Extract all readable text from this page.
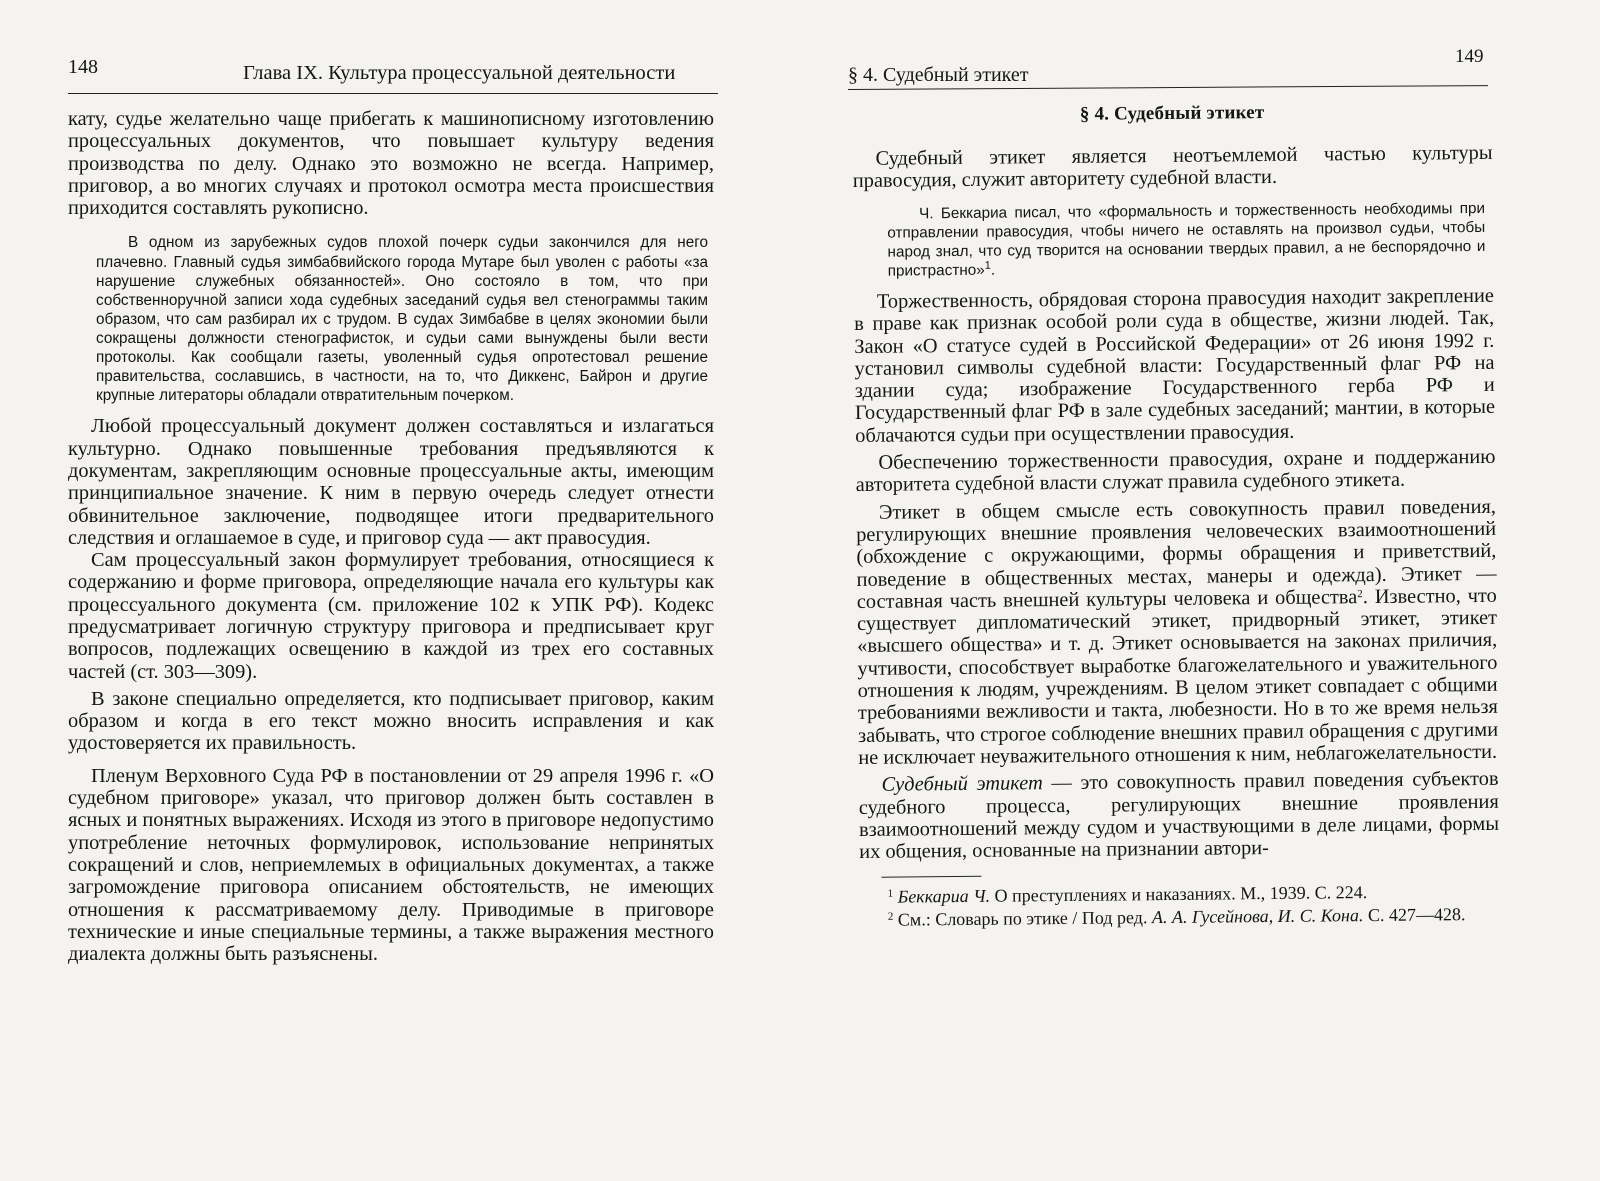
148	Глава IX. Культура процессуальной деятельности

кату, судье желательно чаще прибегать к машинописному изготовлению процессуальных документов, что повышает культуру ведения производства по делу. Однако это возможно не всегда. Например, приговор, а во многих случаях и протокол осмотра места происшествия приходится составлять рукописно.

В одном из зарубежных судов плохой почерк судьи закончился для него плачевно. Главный судья зимбабвийского города Мутаре был уволен с работы «за нарушение служебных обязанностей». Оно состояло в том, что при собственноручной записи хода судебных заседаний судья вел стенограммы таким образом, что сам разбирал их с трудом. В судах Зимбабве в целях экономии были сокращены должности стенографисток, и судьи сами вынуждены были вести протоколы. Как сообщали газеты, уволенный судья опротестовал решение правительства, сославшись, в частности, на то, что Диккенс, Байрон и другие крупные литераторы обладали отвратительным почерком.

Любой процессуальный документ должен составляться и излагаться культурно. Однако повышенные требования предъявляются к документам, закрепляющим основные процессуальные акты, имеющим принципиальное значение. К ним в первую очередь следует отнести обвинительное заключение, подводящее итоги предварительного следствия и оглашаемое в суде, и приговор суда — акт правосудия.

Сам процессуальный закон формулирует требования, относящиеся к содержанию и форме приговора, определяющие начала его культуры как процессуального документа (см. приложение 102 к УПК РФ). Кодекс предусматривает логичную структуру приговора и предписывает круг вопросов, подлежащих освещению в каждой из трех его составных частей (ст. 303—309).

В законе специально определяется, кто подписывает приговор, каким образом и когда в его текст можно вносить исправления и как удостоверяется их правильность.

Пленум Верховного Суда РФ в постановлении от 29 апреля 1996 г. «О судебном приговоре» указал, что приговор должен быть составлен в ясных и понятных выражениях. Исходя из этого в приговоре недопустимо употребление неточных формулировок, использование непринятых сокращений и слов, неприемлемых в официальных документах, а также загромождение приговора описанием обстоятельств, не имеющих отношения к рассматриваемому делу. Приводимые в приговоре технические и иные специальные термины, а также выражения местного диалекта должны быть разъяснены.

§ 4. Судебный этикет
149
§ 4. Судебный этикет

Судебный этикет является неотъемлемой частью культуры правосудия, служит авторитету судебной власти.

Ч. Беккариа писал, что «формальность и торжественность необходимы при отправлении правосудия, чтобы ничего не оставлять на произвол судьи, чтобы народ знал, что суд творится на основании твердых правил, а не беспорядочно и пристрастно»$^1$.

Торжественность, обрядовая сторона правосудия находит закрепление в праве как признак особой роли суда в обществе, жизни людей. Так, Закон «О статусе судей в Российской Федерации» от 26 июня 1992 г. установил символы судебной власти: Государственный флаг РФ на здании суда; изображение Государственного герба РФ и Государственный флаг РФ в зале судебных заседаний; мантии, в которые облачаются судьи при осуществлении правосудия.

Обеспечению торжественности правосудия, охране и поддержанию авторитета судебной власти служат правила судебного этикета.

Этикет в общем смысле есть совокупность правил поведения, регулирующих внешние проявления человеческих взаимоотношений (обхождение с окружающими, формы обращения и приветствий, поведение в общественных местах, манеры и одежда). Этикет — составная часть внешней культуры человека и общества$^2$. Известно, что существует дипломатический этикет, придворный этикет, этикет «высшего общества» и т. д. Этикет основывается на законах приличия, учтивости, способствует выработке благожелательного и уважительного отношения к людям, учреждениям. В целом этикет совпадает с общими требованиями вежливости и такта, любезности. Но в то же время нельзя забывать, что строгое соблюдение внешних правил обращения с другими не исключает неуважительного отношения к ним, неблагожелательности.

Судебный этикет — это совокупность правил поведения субъектов судебного процесса, регулирующих внешние проявления взаимоотношений между судом и участвующими в деле лицами, формы их общения, основанные на признании автори-

$^1$ Беккариа Ч. О преступлениях и наказаниях. М., 1939. С. 224.

$^2$ См.: Словарь по этике / Под ред. А. А. Гусейнова, И. С. Кона. С. 427—428.
